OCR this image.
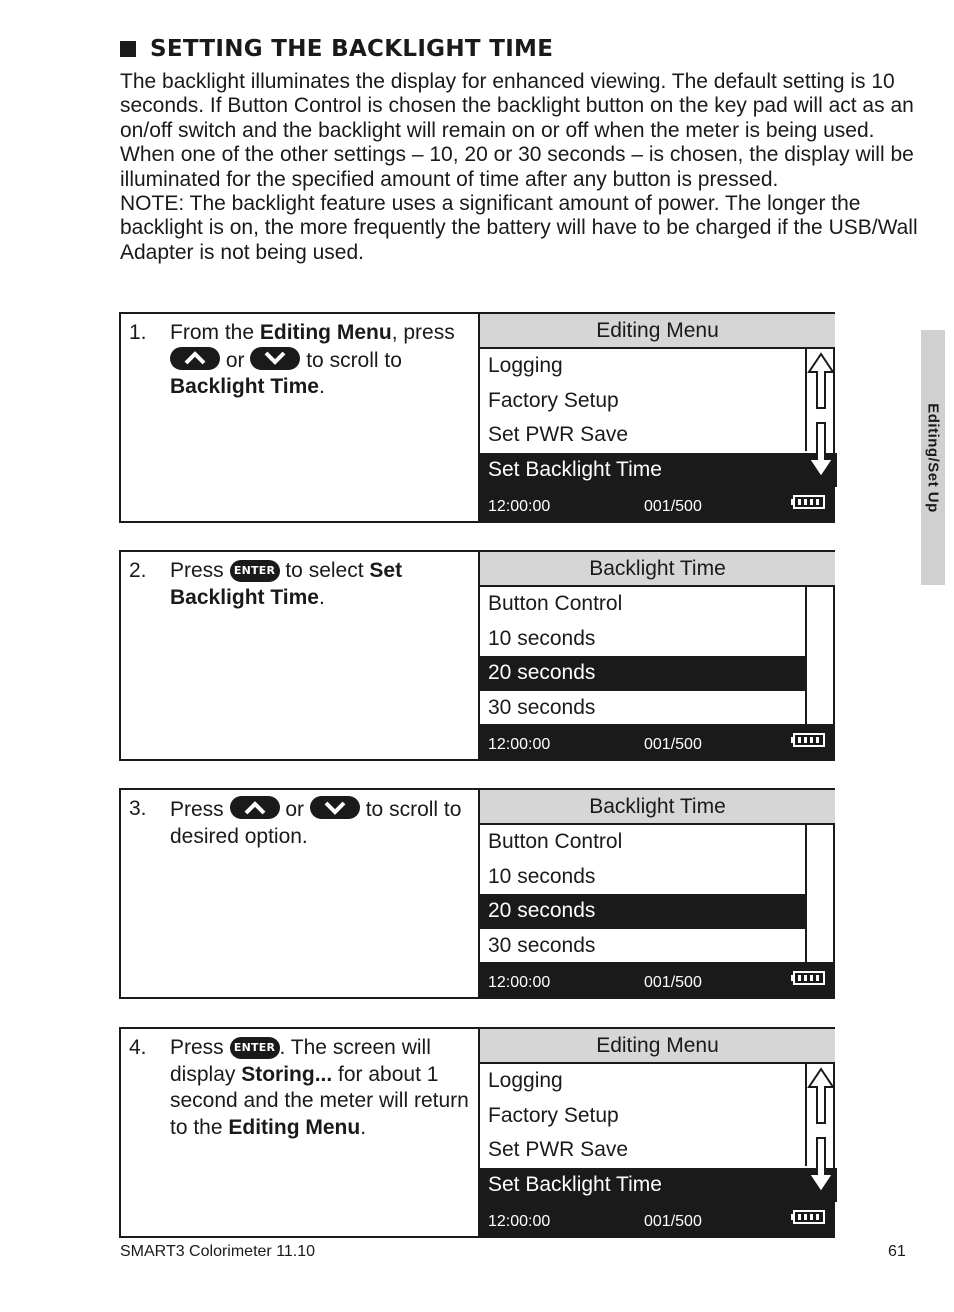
SETTING THE BACKLIGHT TIME

The backlight illuminates the display for enhanced viewing. The default setting is 10 seconds. If Button Control is chosen the backlight button on the key pad will act as an on/off switch and the backlight will remain on or off when the meter is being used. When one of the other settings – 10, 20 or 30 seconds – is chosen, the display will be illuminated for the specified amount of time after any button is pressed.

NOTE: The backlight feature uses a significant amount of power. The longer the backlight is on, the more frequently the battery will have to be charged if the USB/Wall Adapter is not being used.

Editing/Set Up
1. From the Editing Menu, press

or	to scroll to Backlight Time.
Editing Menu
Logging
Factory Setup
Set PWR Save
Set Backlight Time
12:00:00	001/500
2. Press ENTER to select Set Backlight Time.
Backlight Time
Button Control
10 seconds
20 seconds
30 seconds
12:00:00	001/500
3. Press	or	to scroll to desired option.
Backlight Time
Button Control
10 seconds
20 seconds
30 seconds
12:00:00	001/500
4. Press ENTER . The screen will display Storing... for about 1 second and the meter will return to the Editing Menu.
Editing Menu
Logging
Factory Setup
Set PWR Save
Set Backlight Time
12:00:00	001/500
SMART3 Colorimeter 11.10	61
